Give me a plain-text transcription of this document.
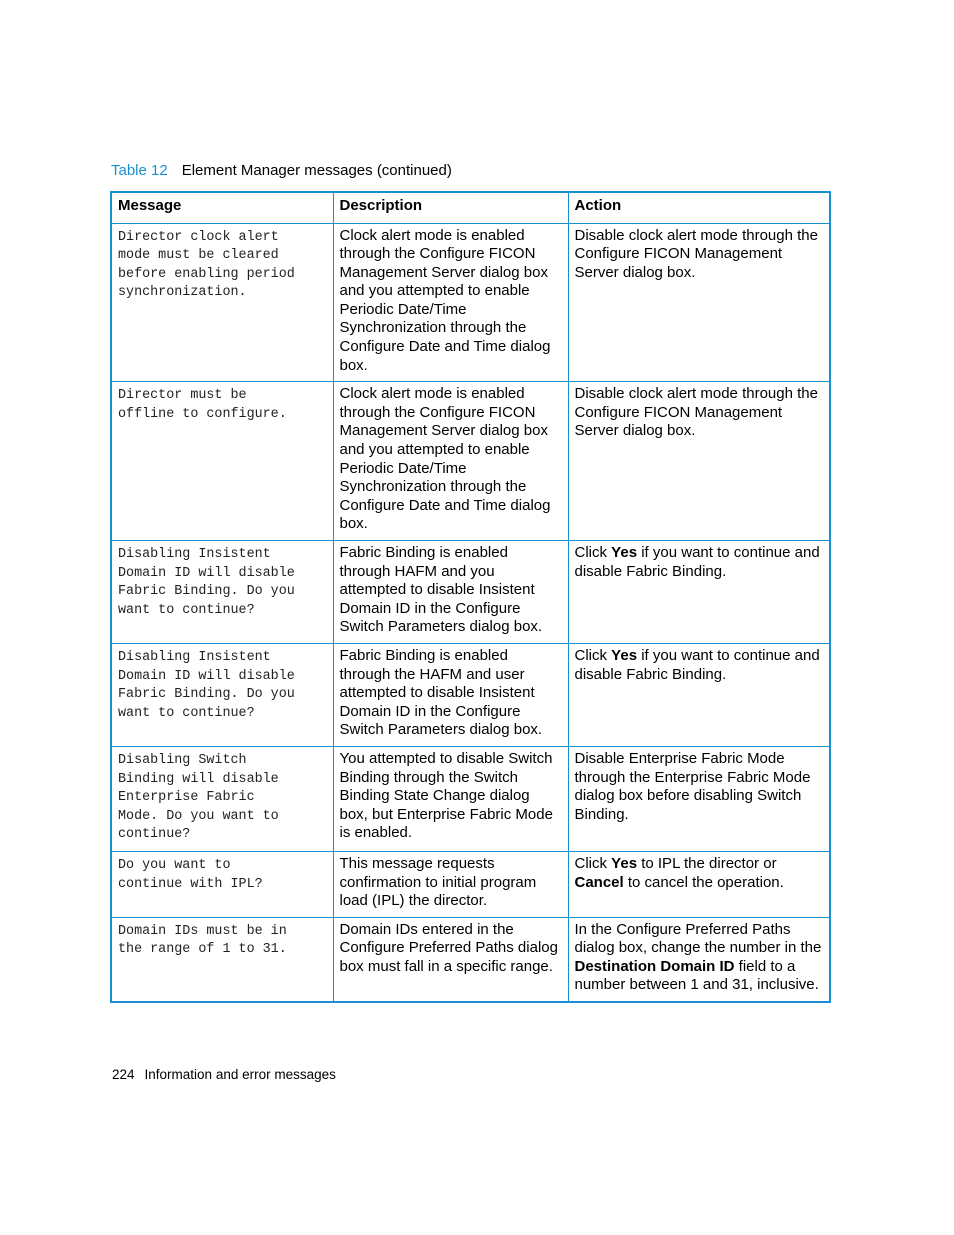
Table 12 Element Manager messages (continued)
Message	Description	Action
Director clock alert
mode must be cleared
before enabling period
synchronization.	Clock alert mode is enabled through the Configure FICON Management Server dialog box and you attempted to enable Periodic Date/Time Synchronization through the Configure Date and Time dialog box.	Disable clock alert mode through the Configure FICON Management Server dialog box.
Director must be
offline to configure.	Clock alert mode is enabled through the Configure FICON Management Server dialog box and you attempted to enable Periodic Date/Time Synchronization through the Configure Date and Time dialog box.	Disable clock alert mode through the Configure FICON Management Server dialog box.
Disabling Insistent
Domain ID will disable
Fabric Binding. Do you
want to continue?	Fabric Binding is enabled through HAFM and you attempted to disable Insistent Domain ID in the Configure Switch Parameters dialog box.	Click Yes if you want to continue and disable Fabric Binding.
Disabling Insistent
Domain ID will disable
Fabric Binding. Do you
want to continue?	Fabric Binding is enabled through the HAFM and user attempted to disable Insistent Domain ID in the Configure Switch Parameters dialog box.	Click Yes if you want to continue and disable Fabric Binding.
Disabling Switch
Binding will disable
Enterprise Fabric
Mode. Do you want to
continue?	You attempted to disable Switch Binding through the Switch Binding State Change dialog box, but Enterprise Fabric Mode is enabled.	Disable Enterprise Fabric Mode through the Enterprise Fabric Mode dialog box before disabling Switch Binding.
Do you want to
continue with IPL?	This message requests confirmation to initial program load (IPL) the director.	Click Yes to IPL the director or Cancel to cancel the operation.
Domain IDs must be in
the range of 1 to 31.	Domain IDs entered in the Configure Preferred Paths dialog box must fall in a specific range.	In the Configure Preferred Paths dialog box, change the number in the Destination Domain ID field to a number between 1 and 31, inclusive.
224 Information and error messages
